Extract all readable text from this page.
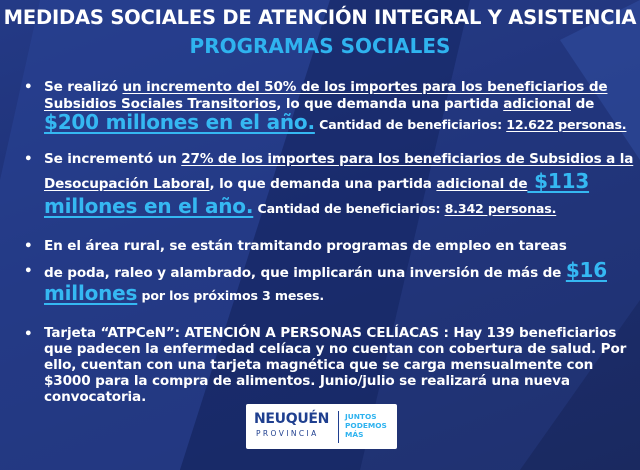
MEDIDAS SOCIALES DE ATENCIÓN INTEGRAL Y ASISTENCIA
PROGRAMAS SOCIALES
• Se realizó un incremento del 50% de los importes para los beneficiarios de
Subsidios Sociales Transitorios, lo que demanda una partida adicional de
$200 millones en el año. Cantidad de beneficiarios: 12.622 personas.
• Se incrementó un 27% de los importes para los beneficiarios de Subsidios a la
Desocupación Laboral, lo que demanda una partida adicional de $113
millones en el año. Cantidad de beneficiarios: 8.342 personas.
• En el área rural, se están tramitando programas de empleo en tareas
• de poda, raleo y alambrado, que implicarán una inversión de más de $16
millones por los próximos 3 meses.
• Tarjeta “ATPCeN”: ATENCIÓN A PERSONAS CELÍACAS : Hay 139 beneficiarios
que padecen la enfermedad celíaca y no cuentan con cobertura de salud. Por
ello, cuentan con una tarjeta magnética que se carga mensualmente con
$3000 para la compra de alimentos. Junio/julio se realizará una nueva
convocatoria.
NEUQUÉN
PROVINCIA
JUNTOS
PODEMOS
MÁS
